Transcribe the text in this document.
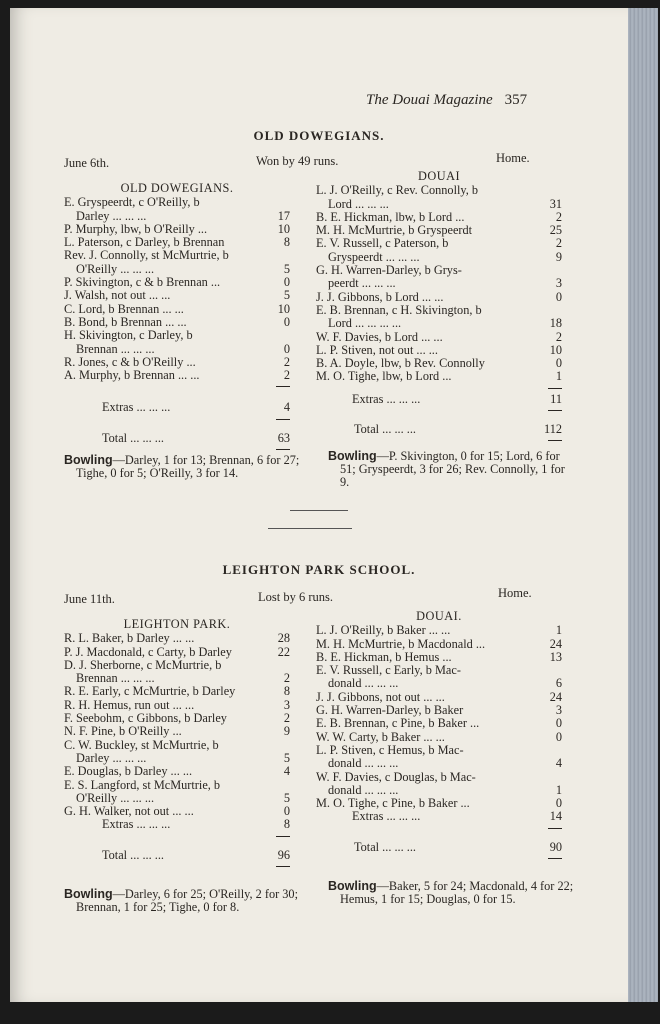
The Douai Magazine 357
OLD DOWEGIANS.
June 6th.	Won by 49 runs.	Home.
OLD DOWEGIANS.
E. Gryspeerdt, c O'Reilly, b
Darley ... ... ...	17
P. Murphy, lbw, b O'Reilly ...	10
L. Paterson, c Darley, b Brennan	8
Rev. J. Connolly, st McMurtrie, b
O'Reilly ... ... ...	5
P. Skivington, c & b Brennan ...	0
J. Walsh, not out ... ...	5
C. Lord, b Brennan ... ...	10
B. Bond, b Brennan ... ...	0
H. Skivington, c Darley, b
Brennan ... ... ...	0
R. Jones, c & b O'Reilly ...	2
A. Murphy, b Brennan ... ...	2
Extras ... ... ...	4
Total ... ... ...	63
DOUAI
L. J. O'Reilly, c Rev. Connolly, b
Lord ... ... ...	31
B. E. Hickman, lbw, b Lord ...	2
M. H. McMurtrie, b Gryspeerdt	25
E. V. Russell, c Paterson, b	2
Gryspeerdt ... ... ...	9
G. H. Warren-Darley, b Grys-
peerdt ... ... ...	3
J. J. Gibbons, b Lord ... ...	0
E. B. Brennan, c H. Skivington, b
Lord ... ... ... ...	18
W. F. Davies, b Lord ... ...	2
L. P. Stiven, not out ... ...	10
B. A. Doyle, lbw, b Rev. Connolly	0
M. O. Tighe, lbw, b Lord ...	1
Extras ... ... ...	11
Total ... ... ...	112
Bowling—Darley, 1 for 13; Brennan, 6 for 27; Tighe, 0 for 5; O'Reilly, 3 for 14.
Bowling—P. Skivington, 0 for 15; Lord, 6 for 51; Gryspeerdt, 3 for 26; Rev. Connolly, 1 for 9.
LEIGHTON PARK SCHOOL.
June 11th.	Lost by 6 runs.	Home.
LEIGHTON PARK.
R. L. Baker, b Darley ... ...	28
P. J. Macdonald, c Carty, b Darley	22
D. J. Sherborne, c McMurtrie, b
Brennan ... ... ...	2
R. E. Early, c McMurtrie, b Darley	8
R. H. Hemus, run out ... ...	3
F. Seebohm, c Gibbons, b Darley	2
N. F. Pine, b O'Reilly ...	9
C. W. Buckley, st McMurtrie, b
Darley ... ... ...	5
E. Douglas, b Darley ... ...	4
E. S. Langford, st McMurtrie, b
O'Reilly ... ... ...	5
G. H. Walker, not out ... ...	0
Extras ... ... ...	8
Total ... ... ...	96
DOUAI.
L. J. O'Reilly, b Baker ... ...	1
M. H. McMurtrie, b Macdonald ...	24
B. E. Hickman, b Hemus ...	13
E. V. Russell, c Early, b Mac-
donald ... ... ...	6
J. J. Gibbons, not out ... ...	24
G. H. Warren-Darley, b Baker	3
E. B. Brennan, c Pine, b Baker ...	0
W. W. Carty, b Baker ... ...	0
L. P. Stiven, c Hemus, b Mac-
donald ... ... ...	4
W. F. Davies, c Douglas, b Mac-
donald ... ... ...	1
M. O. Tighe, c Pine, b Baker ...	0
Extras ... ... ...	14
Total ... ... ...	90
Bowling—Darley, 6 for 25; O'Reilly, 2 for 30; Brennan, 1 for 25; Tighe, 0 for 8.
Bowling—Baker, 5 for 24; Macdonald, 4 for 22; Hemus, 1 for 15; Douglas, 0 for 15.
